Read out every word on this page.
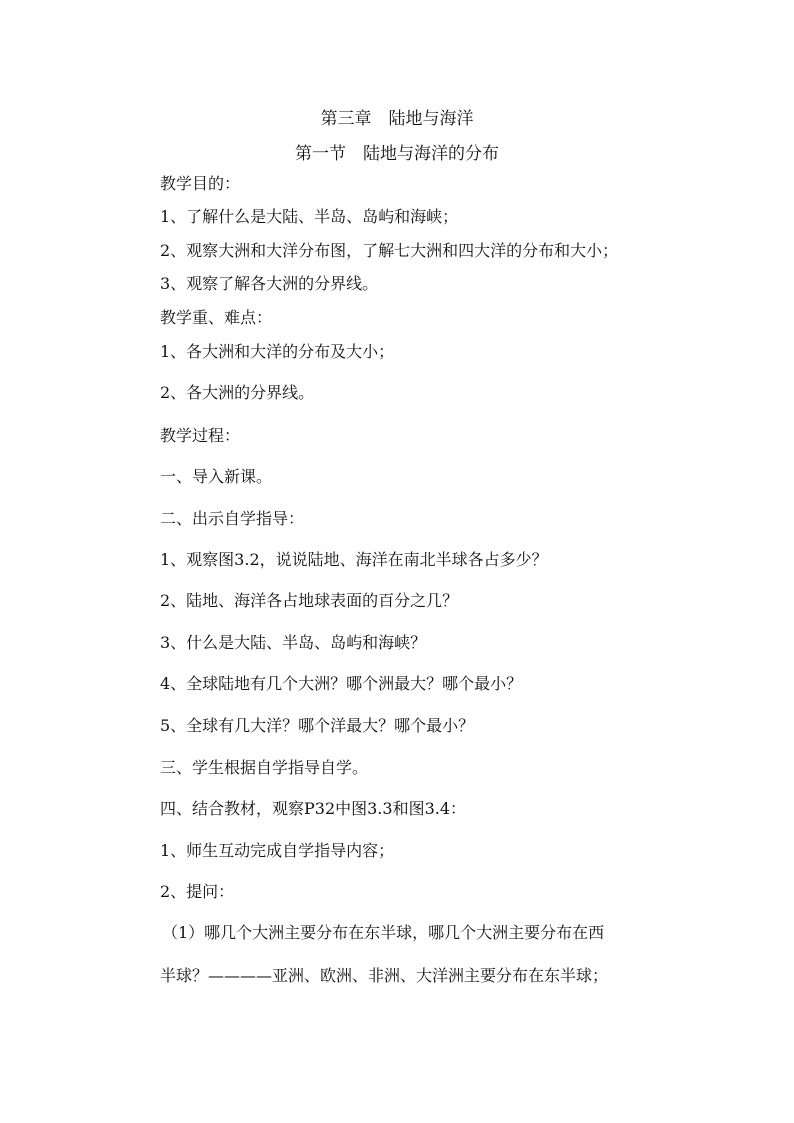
第三章　陆地与海洋
第一节　陆地与海洋的分布
教学目的：
1、了解什么是大陆、半岛、岛屿和海峡；
2、观察大洲和大洋分布图，了解七大洲和四大洋的分布和大小；
3、观察了解各大洲的分界线。
教学重、难点：
1、各大洲和大洋的分布及大小；
2、各大洲的分界线。
教学过程：
一、导入新课。
二、出示自学指导：
1、观察图3.2，说说陆地、海洋在南北半球各占多少？
2、陆地、海洋各占地球表面的百分之几？
3、什么是大陆、半岛、岛屿和海峡？
4、全球陆地有几个大洲？哪个洲最大？哪个最小？
5、全球有几大洋？哪个洋最大？哪个最小？
三、学生根据自学指导自学。
四、结合教材，观察P32中图3.3和图3.4：
1、师生互动完成自学指导内容；
2、提问：
（1）哪几个大洲主要分布在东半球，哪几个大洲主要分布在西
半球？————亚洲、欧洲、非洲、大洋洲主要分布在东半球；
